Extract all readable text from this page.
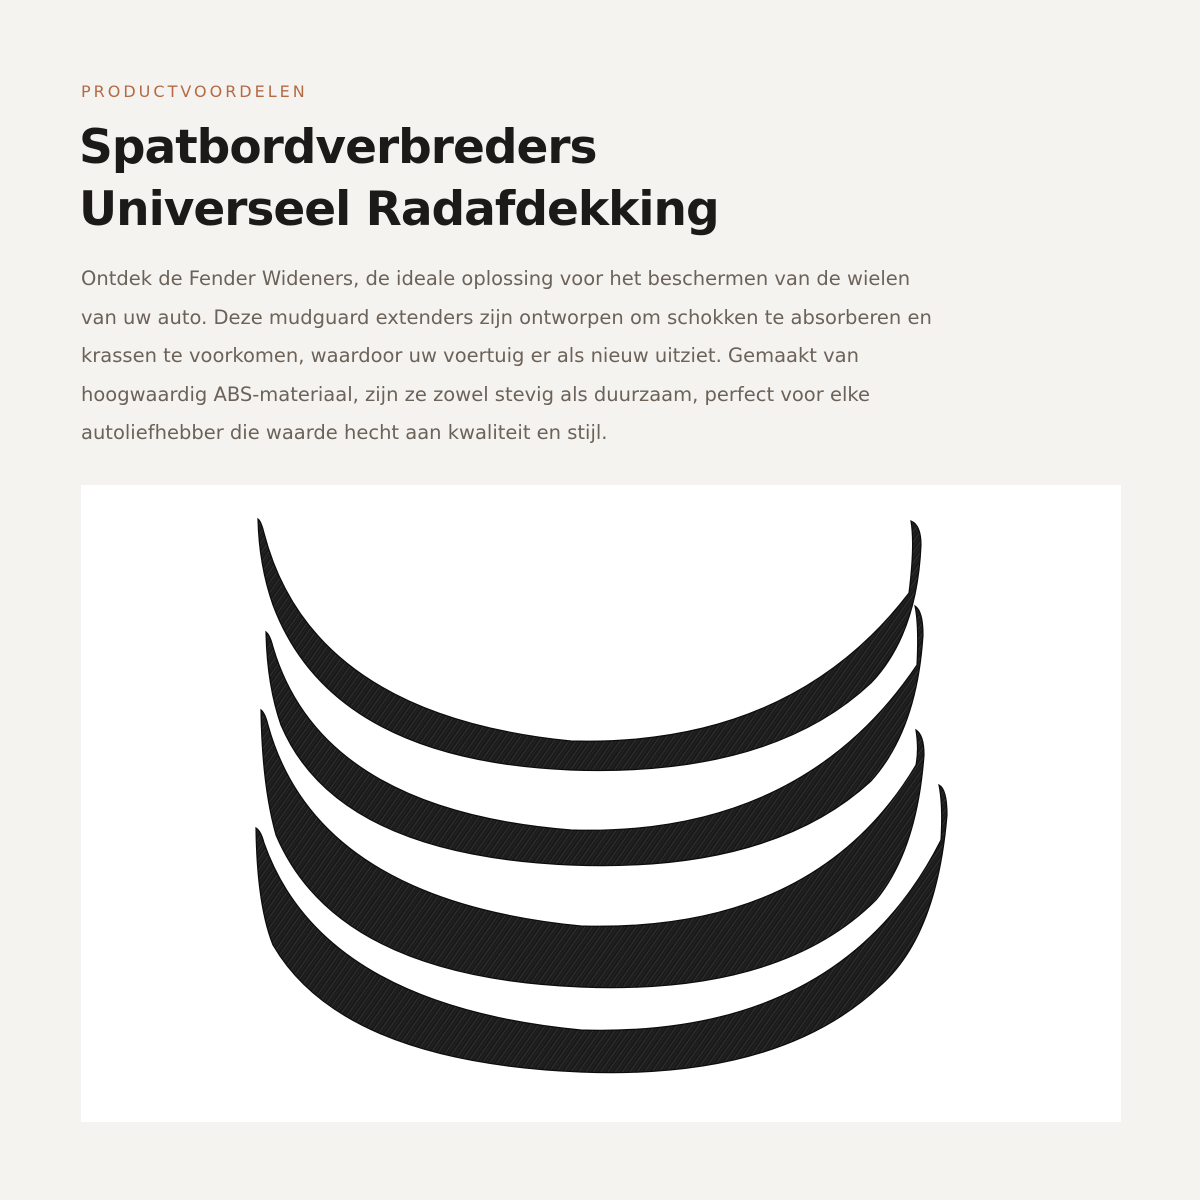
PRODUCTVOORDELEN
Spatbordverbreders
Universeel Radafdekking

Ontdek de Fender Wideners, de ideale oplossing voor het beschermen van de wielen
van uw auto. Deze mudguard extenders zijn ontworpen om schokken te absorberen en
krassen te voorkomen, waardoor uw voertuig er als nieuw uitziet. Gemaakt van
hoogwaardig ABS-materiaal, zijn ze zowel stevig als duurzaam, perfect voor elke
autoliefhebber die waarde hecht aan kwaliteit en stijl.
